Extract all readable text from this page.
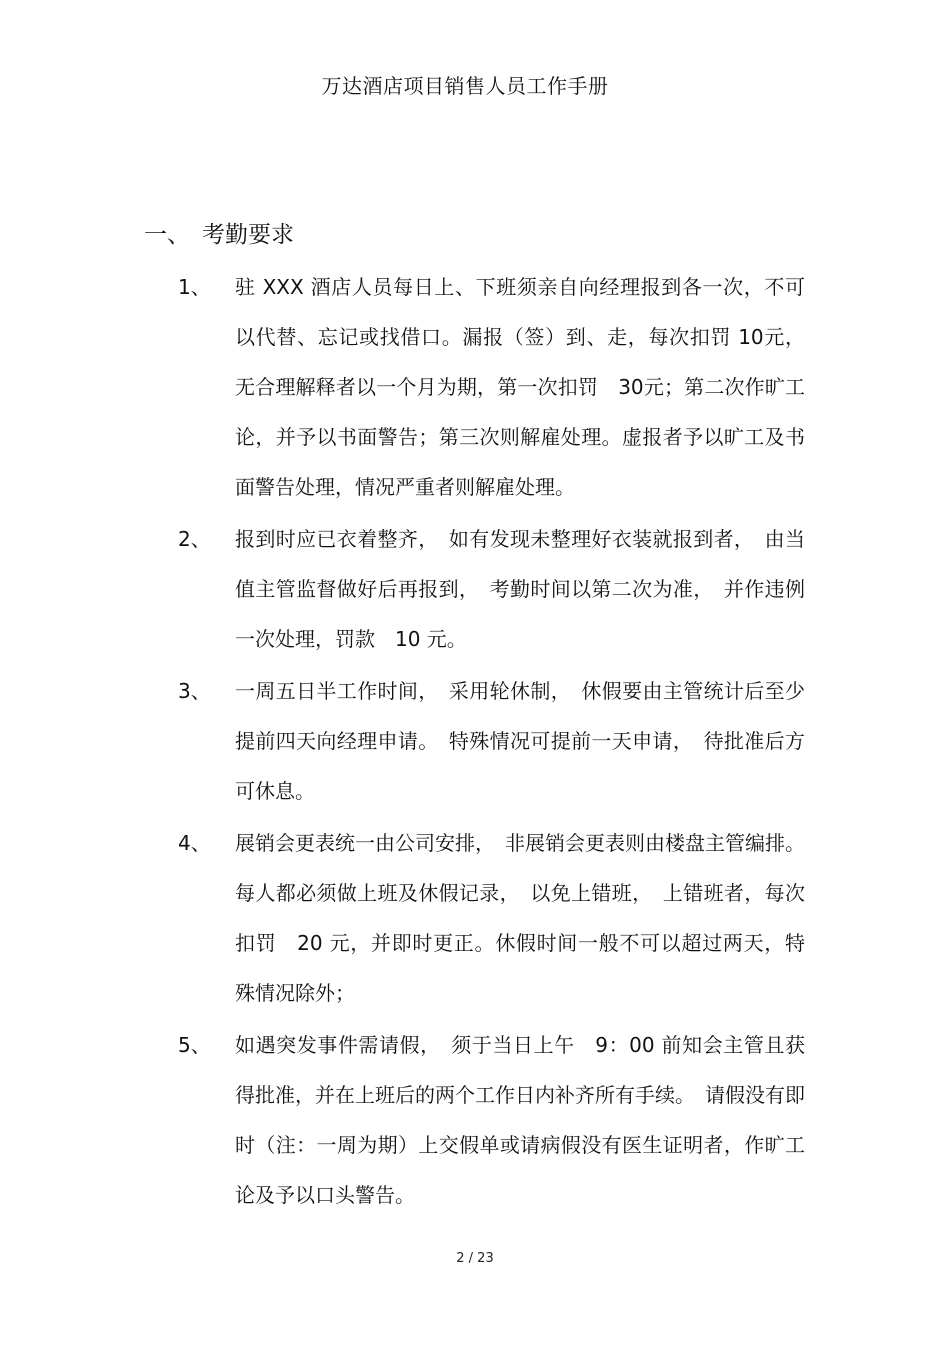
万达酒店项目销售人员工作手册
一、 考勤要求
1、 驻 XXX 酒店人员每日上、下班须亲自向经理报到各一次，不可以代替、忘记或找借口。漏报（签）到、走，每次扣罚 10元，无合理解释者以一个月为期，第一次扣罚　30元；第二次作旷工论，并予以书面警告；第三次则解雇处理。虚报者予以旷工及书面警告处理，情况严重者则解雇处理。
2、 报到时应已衣着整齐，　如有发现未整理好衣装就报到者，　由当值主管监督做好后再报到，　考勤时间以第二次为准，　并作违例一次处理，罚款　10 元。
3、 一周五日半工作时间，　采用轮休制，　休假要由主管统计后至少提前四天向经理申请。　特殊情况可提前一天申请，　待批准后方可休息。
4、 展销会更表统一由公司安排，　非展销会更表则由楼盘主管编排。每人都必须做上班及休假记录，　以免上错班，　上错班者，每次扣罚　20 元，并即时更正。休假时间一般不可以超过两天，特殊情况除外；
5、 如遇突发事件需请假，　须于当日上午　9：00 前知会主管且获得批准，并在上班后的两个工作日内补齐所有手续。　请假没有即时（注：一周为期）上交假单或请病假没有医生证明者，作旷工论及予以口头警告。
2 / 23
